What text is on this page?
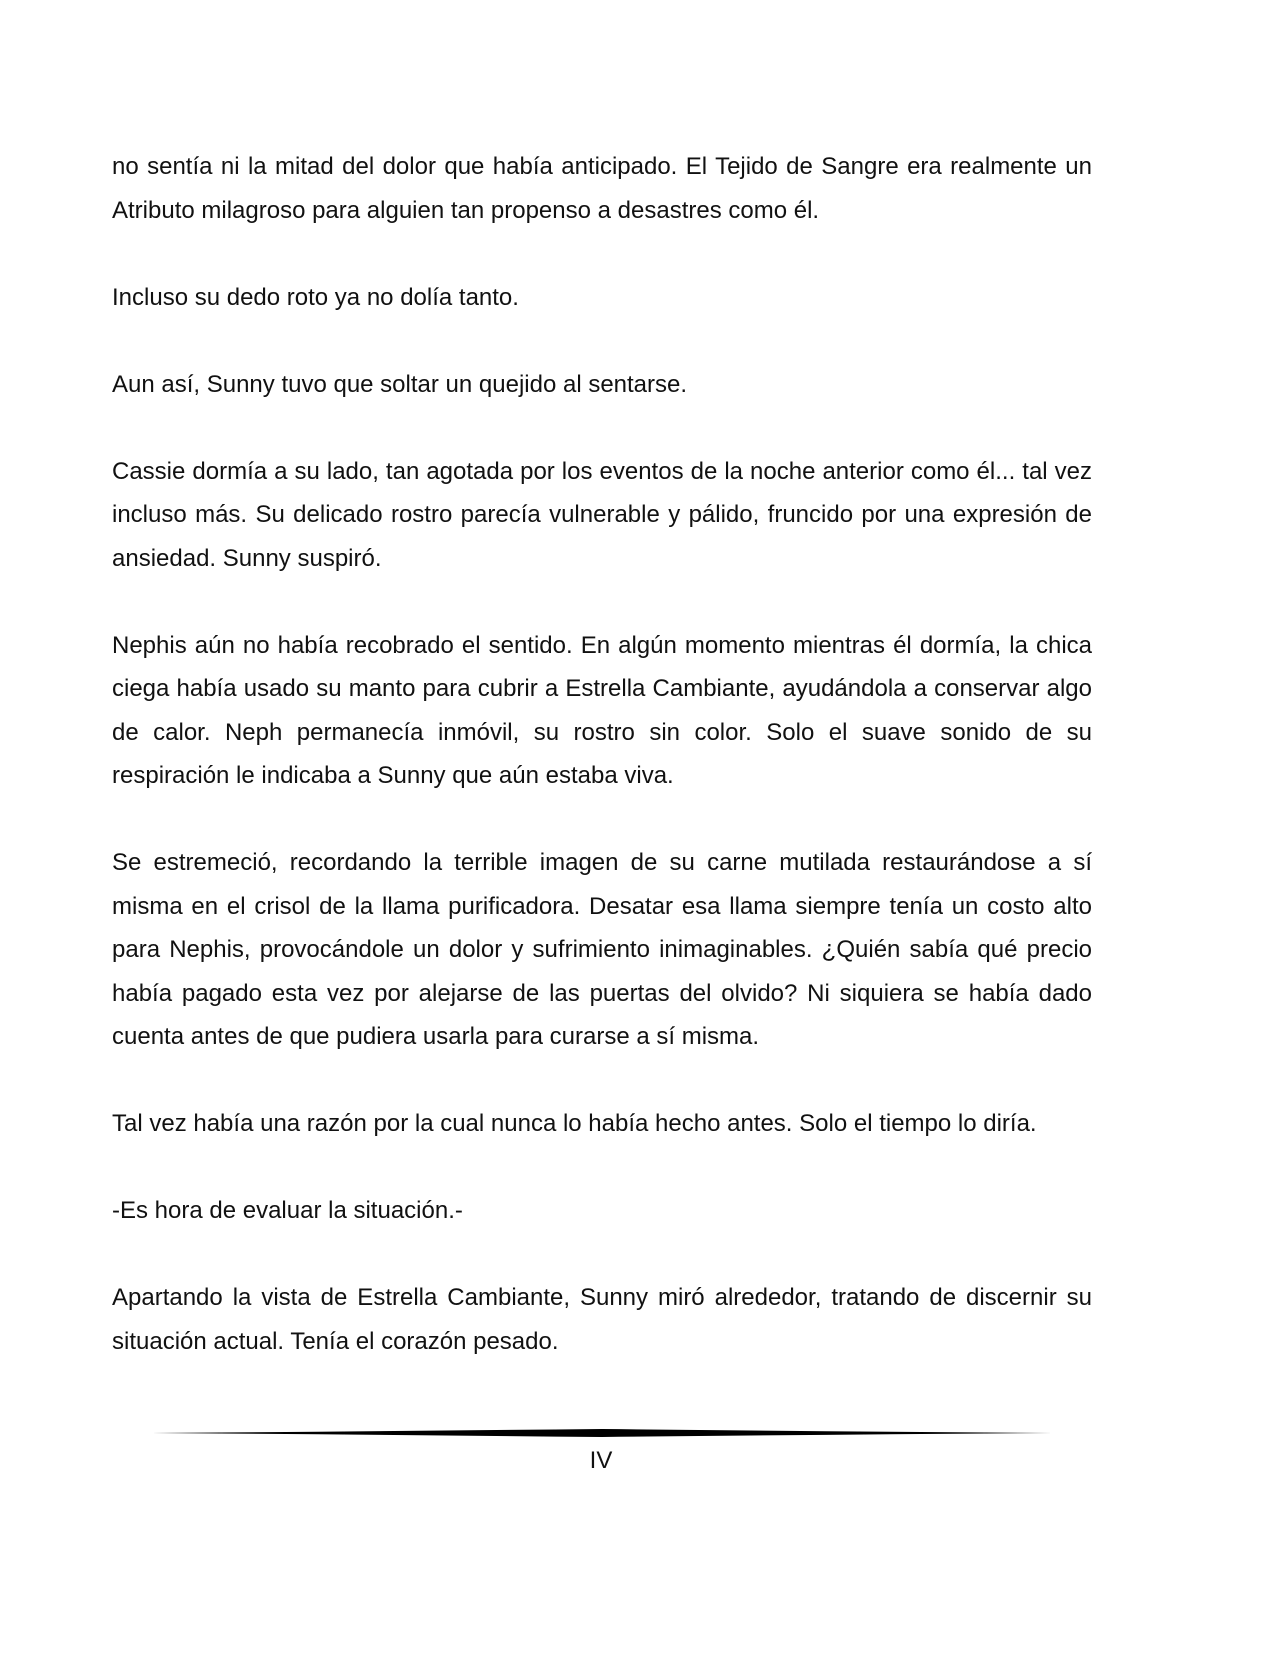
no sentía ni la mitad del dolor que había anticipado. El Tejido de Sangre era realmente un Atributo milagroso para alguien tan propenso a desastres como él.

Incluso su dedo roto ya no dolía tanto.

Aun así, Sunny tuvo que soltar un quejido al sentarse.

Cassie dormía a su lado, tan agotada por los eventos de la noche anterior como él... tal vez incluso más. Su delicado rostro parecía vulnerable y pálido, fruncido por una expresión de ansiedad. Sunny suspiró.

Nephis aún no había recobrado el sentido. En algún momento mientras él dormía, la chica ciega había usado su manto para cubrir a Estrella Cambiante, ayudándola a conservar algo de calor. Neph permanecía inmóvil, su rostro sin color. Solo el suave sonido de su respiración le indicaba a Sunny que aún estaba viva.

Se estremeció, recordando la terrible imagen de su carne mutilada restaurándose a sí misma en el crisol de la llama purificadora. Desatar esa llama siempre tenía un costo alto para Nephis, provocándole un dolor y sufrimiento inimaginables. ¿Quién sabía qué precio había pagado esta vez por alejarse de las puertas del olvido? Ni siquiera se había dado cuenta antes de que pudiera usarla para curarse a sí misma.

Tal vez había una razón por la cual nunca lo había hecho antes. Solo el tiempo lo diría.

-Es hora de evaluar la situación.-

Apartando la vista de Estrella Cambiante, Sunny miró alrededor, tratando de discernir su situación actual. Tenía el corazón pesado.

IV
